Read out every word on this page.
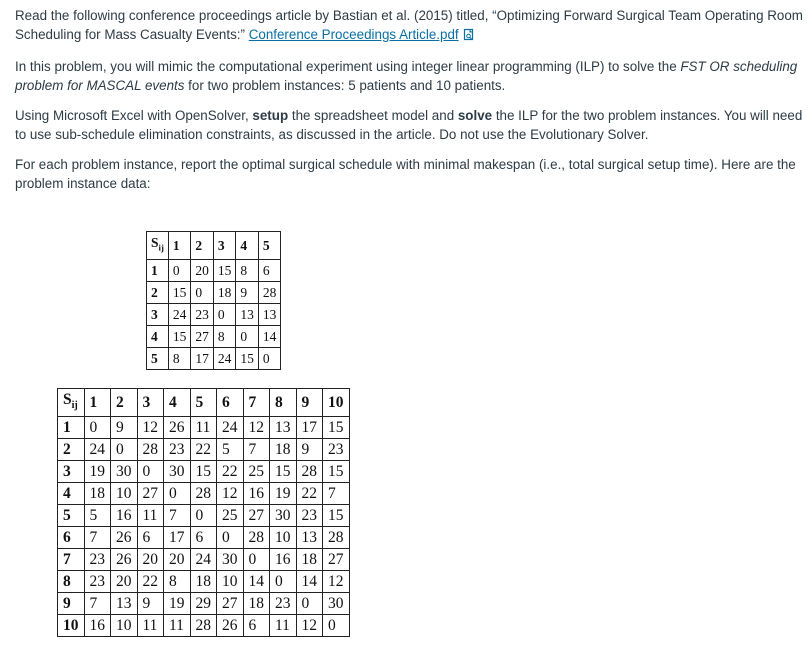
Read the following conference proceedings article by Bastian et al. (2015) titled, “Optimizing Forward Surgical Team Operating Room Scheduling for Mass Casualty Events:” Conference Proceedings Article.pdf

In this problem, you will mimic the computational experiment using integer linear programming (ILP) to solve the FST OR scheduling problem for MASCAL events for two problem instances: 5 patients and 10 patients.

Using Microsoft Excel with OpenSolver, setup the spreadsheet model and solve the ILP for the two problem instances. You will need to use sub-schedule elimination constraints, as discussed in the article. Do not use the Evolutionary Solver.

For each problem instance, report the optimal surgical schedule with minimal makespan (i.e., total surgical setup time). Here are the problem instance data:

$S_{ij}$	1	2	3	4	5
1	0	20	15	8	6
2	15	0	18	9	28
3	24	23	0	13	13
4	15	27	8	0	14
5	8	17	24	15	0
$S_{ij}$	1	2	3	4	5	6	7	8	9	10
1	0	9	12	26	11	24	12	13	17	15
2	24	0	28	23	22	5	7	18	9	23
3	19	30	0	30	15	22	25	15	28	15
4	18	10	27	0	28	12	16	19	22	7
5	5	16	11	7	0	25	27	30	23	15
6	7	26	6	17	6	0	28	10	13	28
7	23	26	20	20	24	30	0	16	18	27
8	23	20	22	8	18	10	14	0	14	12
9	7	13	9	19	29	27	18	23	0	30
10	16	10	11	11	28	26	6	11	12	0
